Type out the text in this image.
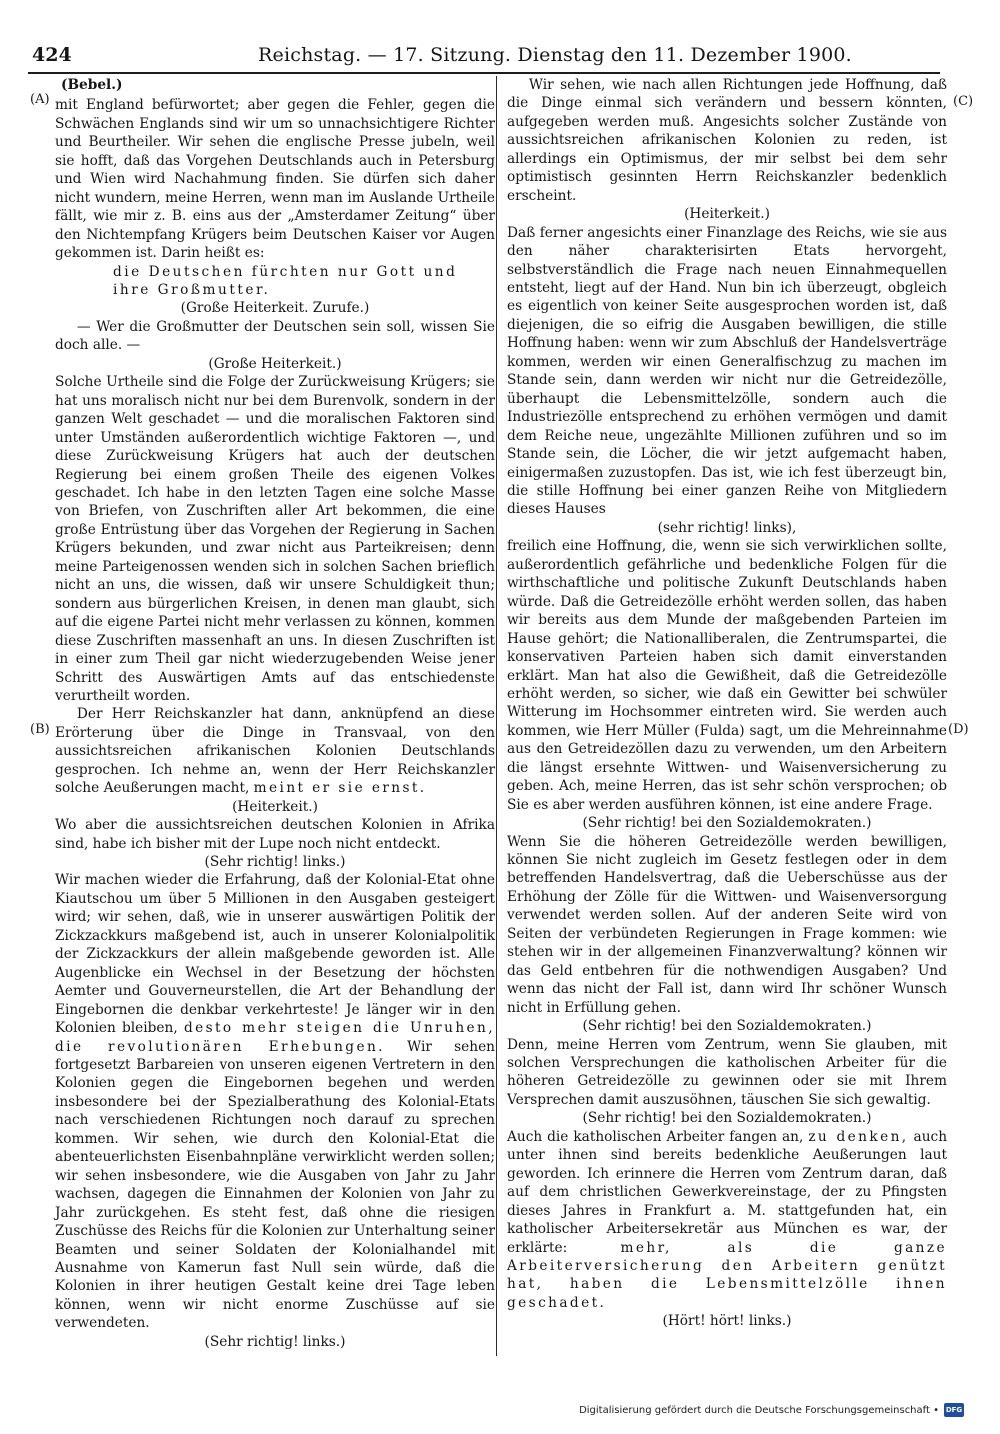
424	Reichstag. — 17. Sitzung. Dienstag den 11. Dezember 1900.
(A)
(B)
(C)
(D)
(Bebel.)

mit England befürwortet; aber gegen die Fehler, gegen die Schwächen Englands sind wir um so unnachsichtigere Richter und Beurtheiler. Wir sehen die englische Presse jubeln, weil sie hofft, daß das Vorgehen Deutschlands auch in Petersburg und Wien wird Nachahmung finden. Sie dürfen sich daher nicht wundern, meine Herren, wenn man im Auslande Urtheile fällt, wie mir z. B. eins aus der „Amsterdamer Zeitung“ über den Nichtempfang Krügers beim Deutschen Kaiser vor Augen gekommen ist. Darin heißt es:

die Deutschen fürchten nur Gott und ihre Großmutter.

(Große Heiterkeit. Zurufe.)

— Wer die Großmutter der Deutschen sein soll, wissen Sie doch alle. —

(Große Heiterkeit.)

Solche Urtheile sind die Folge der Zurückweisung Krügers; sie hat uns moralisch nicht nur bei dem Burenvolk, sondern in der ganzen Welt geschadet — und die moralischen Faktoren sind unter Umständen außerordentlich wichtige Faktoren —, und diese Zurückweisung Krügers hat auch der deutschen Regierung bei einem großen Theile des eigenen Volkes geschadet. Ich habe in den letzten Tagen eine solche Masse von Briefen, von Zuschriften aller Art bekommen, die eine große Entrüstung über das Vorgehen der Regierung in Sachen Krügers bekunden, und zwar nicht aus Parteikreisen; denn meine Parteigenossen wenden sich in solchen Sachen brieflich nicht an uns, die wissen, daß wir unsere Schuldigkeit thun; sondern aus bürgerlichen Kreisen, in denen man glaubt, sich auf die eigene Partei nicht mehr verlassen zu können, kommen diese Zuschriften massenhaft an uns. In diesen Zuschriften ist in einer zum Theil gar nicht wiederzugebenden Weise jener Schritt des Auswärtigen Amts auf das entschiedenste verurtheilt worden.

Der Herr Reichskanzler hat dann, anknüpfend an diese Erörterung über die Dinge in Transvaal, von den aussichtsreichen afrikanischen Kolonien Deutschlands gesprochen. Ich nehme an, wenn der Herr Reichskanzler solche Aeußerungen macht, meint er sie ernst.

(Heiterkeit.)

Wo aber die aussichtsreichen deutschen Kolonien in Afrika sind, habe ich bisher mit der Lupe noch nicht entdeckt.

(Sehr richtig! links.)

Wir machen wieder die Erfahrung, daß der Kolonial-Etat ohne Kiautschou um über 5 Millionen in den Ausgaben gesteigert wird; wir sehen, daß, wie in unserer auswärtigen Politik der Zickzackkurs maßgebend ist, auch in unserer Kolonialpolitik der Zickzackkurs der allein maßgebende geworden ist. Alle Augenblicke ein Wechsel in der Besetzung der höchsten Aemter und Gouverneurstellen, die Art der Behandlung der Eingebornen die denkbar verkehrteste! Je länger wir in den Kolonien bleiben, desto mehr steigen die Unruhen, die revolutionären Erhebungen. Wir sehen fortgesetzt Barbareien von unseren eigenen Vertretern in den Kolonien gegen die Eingebornen begehen und werden insbesondere bei der Spezialberathung des Kolonial-Etats nach verschiedenen Richtungen noch darauf zu sprechen kommen. Wir sehen, wie durch den Kolonial-Etat die abenteuerlichsten Eisenbahnpläne verwirklicht werden sollen; wir sehen insbesondere, wie die Ausgaben von Jahr zu Jahr wachsen, dagegen die Einnahmen der Kolonien von Jahr zu Jahr zurückgehen. Es steht fest, daß ohne die riesigen Zuschüsse des Reichs für die Kolonien zur Unterhaltung seiner Beamten und seiner Soldaten der Kolonialhandel mit Ausnahme von Kamerun fast Null sein würde, daß die Kolonien in ihrer heutigen Gestalt keine drei Tage leben können, wenn wir nicht enorme Zuschüsse auf sie verwendeten.

(Sehr richtig! links.)

Wir sehen, wie nach allen Richtungen jede Hoffnung, daß die Dinge einmal sich verändern und bessern könnten, aufgegeben werden muß. Angesichts solcher Zustände von aussichtsreichen afrikanischen Kolonien zu reden, ist allerdings ein Optimismus, der mir selbst bei dem sehr optimistisch gesinnten Herrn Reichskanzler bedenklich erscheint.

(Heiterkeit.)

Daß ferner angesichts einer Finanzlage des Reichs, wie sie aus den näher charakterisirten Etats hervorgeht, selbstverständlich die Frage nach neuen Einnahmequellen entsteht, liegt auf der Hand. Nun bin ich überzeugt, obgleich es eigentlich von keiner Seite ausgesprochen worden ist, daß diejenigen, die so eifrig die Ausgaben bewilligen, die stille Hoffnung haben: wenn wir zum Abschluß der Handelsverträge kommen, werden wir einen Generalfischzug zu machen im Stande sein, dann werden wir nicht nur die Getreidezölle, überhaupt die Lebensmittelzölle, sondern auch die Industriezölle entsprechend zu erhöhen vermögen und damit dem Reiche neue, ungezählte Millionen zuführen und so im Stande sein, die Löcher, die wir jetzt aufgemacht haben, einigermaßen zuzustopfen. Das ist, wie ich fest überzeugt bin, die stille Hoffnung bei einer ganzen Reihe von Mitgliedern dieses Hauses

(sehr richtig! links),

freilich eine Hoffnung, die, wenn sie sich verwirklichen sollte, außerordentlich gefährliche und bedenkliche Folgen für die wirthschaftliche und politische Zukunft Deutschlands haben würde. Daß die Getreidezölle erhöht werden sollen, das haben wir bereits aus dem Munde der maßgebenden Parteien im Hause gehört; die Nationalliberalen, die Zentrumspartei, die konservativen Parteien haben sich damit einverstanden erklärt. Man hat also die Gewißheit, daß die Getreidezölle erhöht werden, so sicher, wie daß ein Gewitter bei schwüler Witterung im Hochsommer eintreten wird. Sie werden auch kommen, wie Herr Müller (Fulda) sagt, um die Mehreinnahme aus den Getreidezöllen dazu zu verwenden, um den Arbeitern die längst ersehnte Wittwen- und Waisenversicherung zu geben. Ach, meine Herren, das ist sehr schön versprochen; ob Sie es aber werden ausführen können, ist eine andere Frage.

(Sehr richtig! bei den Sozialdemokraten.)

Wenn Sie die höheren Getreidezölle werden bewilligen, können Sie nicht zugleich im Gesetz festlegen oder in dem betreffenden Handelsvertrag, daß die Ueberschüsse aus der Erhöhung der Zölle für die Wittwen- und Waisenversorgung verwendet werden sollen. Auf der anderen Seite wird von Seiten der verbündeten Regierungen in Frage kommen: wie stehen wir in der allgemeinen Finanzverwaltung? können wir das Geld entbehren für die nothwendigen Ausgaben? Und wenn das nicht der Fall ist, dann wird Ihr schöner Wunsch nicht in Erfüllung gehen.

(Sehr richtig! bei den Sozialdemokraten.)

Denn, meine Herren vom Zentrum, wenn Sie glauben, mit solchen Versprechungen die katholischen Arbeiter für die höheren Getreidezölle zu gewinnen oder sie mit Ihrem Versprechen damit auszusöhnen, täuschen Sie sich gewaltig.

(Sehr richtig! bei den Sozialdemokraten.)

Auch die katholischen Arbeiter fangen an, zu denken, auch unter ihnen sind bereits bedenkliche Aeußerungen laut geworden. Ich erinnere die Herren vom Zentrum daran, daß auf dem christlichen Gewerkvereinstage, der zu Pfingsten dieses Jahres in Frankfurt a. M. stattgefunden hat, ein katholischer Arbeitersekretär aus München es war, der erklärte:	mehr, als die ganze Arbeiterversicherung den Arbeitern genützt hat, haben die Lebensmittelzölle ihnen geschadet.

(Hört! hört! links.)

Digitalisierung gefördert durch die Deutsche Forschungsgemeinschaft • DFG
